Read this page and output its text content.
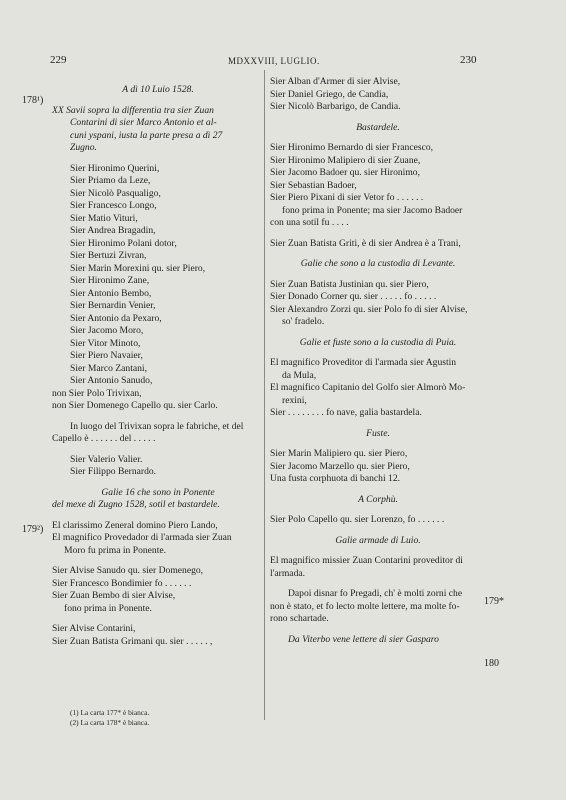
229	MDXXVIII, LUGLIO.	230
178¹)
179²)
179*
180
A dì 10 Luio 1528.
XX Savii sopra la differentia tra sier Zuan
Contarini di sier Marco Antonio et al-
cuni yspani, iusta la parte presa a dì 27
Zugno.
Sier Hironimo Querini,
Sier Priamo da Leze,
Sier Nicolò Pasqualigo,
Sier Francesco Longo,
Sier Matio Vituri,
Sier Andrea Bragadin,
Sier Hironimo Polani dotor,
Sier Bertuzi Zivran,
Sier Marin Morexini qu. sier Piero,
Sier Hironimo Zane,
Sier Antonio Bembo,
Sier Bernardin Venier,
Sier Antonio da Pexaro,
Sier Jacomo Moro,
Sier Vitor Minoto,
Sier Piero Navaier,
Sier Marco Zantani,
Sier Antonio Sanudo,
non Sier Polo Trivixan,
non Sier Domenego Capello qu. sier Carlo.
In luogo del Trivixan sopra le fabriche, et del
Capello è . . . . . . del . . . . .
Sier Valerio Valier.
Sier Filippo Bernardo.
Galie 16 che sono in Ponente
del mexe di Zugno 1528, sotil et bastardele.
El clarissimo Zeneral domino Piero Lando,
El magnifico Provedador di l'armada sier Zuan
Moro fu prima in Ponente.
Sier Alvise Sanudo qu. sier Domenego,
Sier Francesco Bondimier fo . . . . . .
Sier Zuan Bembo di sier Alvise,
fono prima in Ponente.
Sier Alvise Contarini,
Sier Zuan Batista Grimani qu. sier . . . . . ,
Sier Alban d'Armer di sier Alvise,
Sier Daniel Griego, de Candia,
Sier Nicolò Barbarigo, de Candia.
Bastardele.
Sier Hironimo Bernardo di sier Francesco,
Sier Hironimo Malipiero di sier Zuane,
Sier Jacomo Badoer qu. sier Hironimo,
Sier Sebastian Badoer,
Sier Piero Pixani di sier Vetor fo . . . . . .
fono prima in Ponente; ma sier Jacomo Badoer
con una sotil fu . . . .
Sier Zuan Batista Griti, è di sier Andrea è a Trani,
Galie che sono a la custodia di Levante.
Sier Zuan Batista Justinian qu. sier Piero,
Sier Donado Corner qu. sier . . . . . fo . . . . .
Sier Alexandro Zorzi qu. sier Polo fo di sier Alvise,
so' fradelo.
Galie et fuste sono a la custodia di Puia.
El magnifico Proveditor di l'armada sier Agustin
da Mula,
El magnifico Capitanio del Golfo sier Almorò Mo-
rexini,
Sier . . . . . . . . fo nave, galia bastardela.
Fuste.
Sier Marin Malipiero qu. sier Piero,
Sier Jacomo Marzello qu. sier Piero,
Una fusta corphuota di banchi 12.
A Corphù.
Sier Polo Capello qu. sier Lorenzo, fo . . . . . .
Galie armade di Luio.
El magnifico missier Zuan Contarini proveditor di
l'armada.
Dapoi disnar fo Pregadi, ch' è molti zorni che
non è stato, et fo lecto molte lettere, ma molte fo-
rono schartade.
Da Viterbo vene lettere di sier Gasparo
(1) La carta 177* è bianca.
(2) La carta 178* è bianca.
